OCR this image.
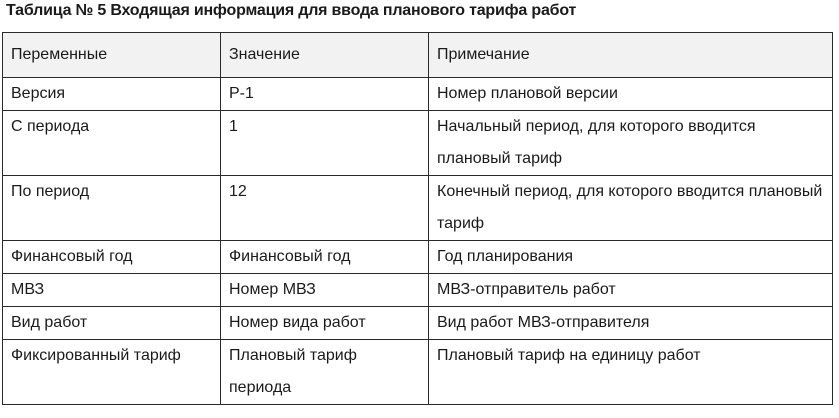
Таблица № 5 Входящая информация для ввода планового тарифа работ
Переменные	Значение	Примечание
Версия	Р-1	Номер плановой версии
С периода	1	Начальный период, для которого вводится плановый тариф
По период	12	Конечный период, для которого вводится плановый тариф
Финансовый год	Финансовый год	Год планирования
МВЗ	Номер МВЗ	МВЗ-отправитель работ
Вид работ	Номер вида работ	Вид работ МВЗ-отправителя
Фиксированный тариф	Плановый тариф периода	Плановый тариф на единицу работ
